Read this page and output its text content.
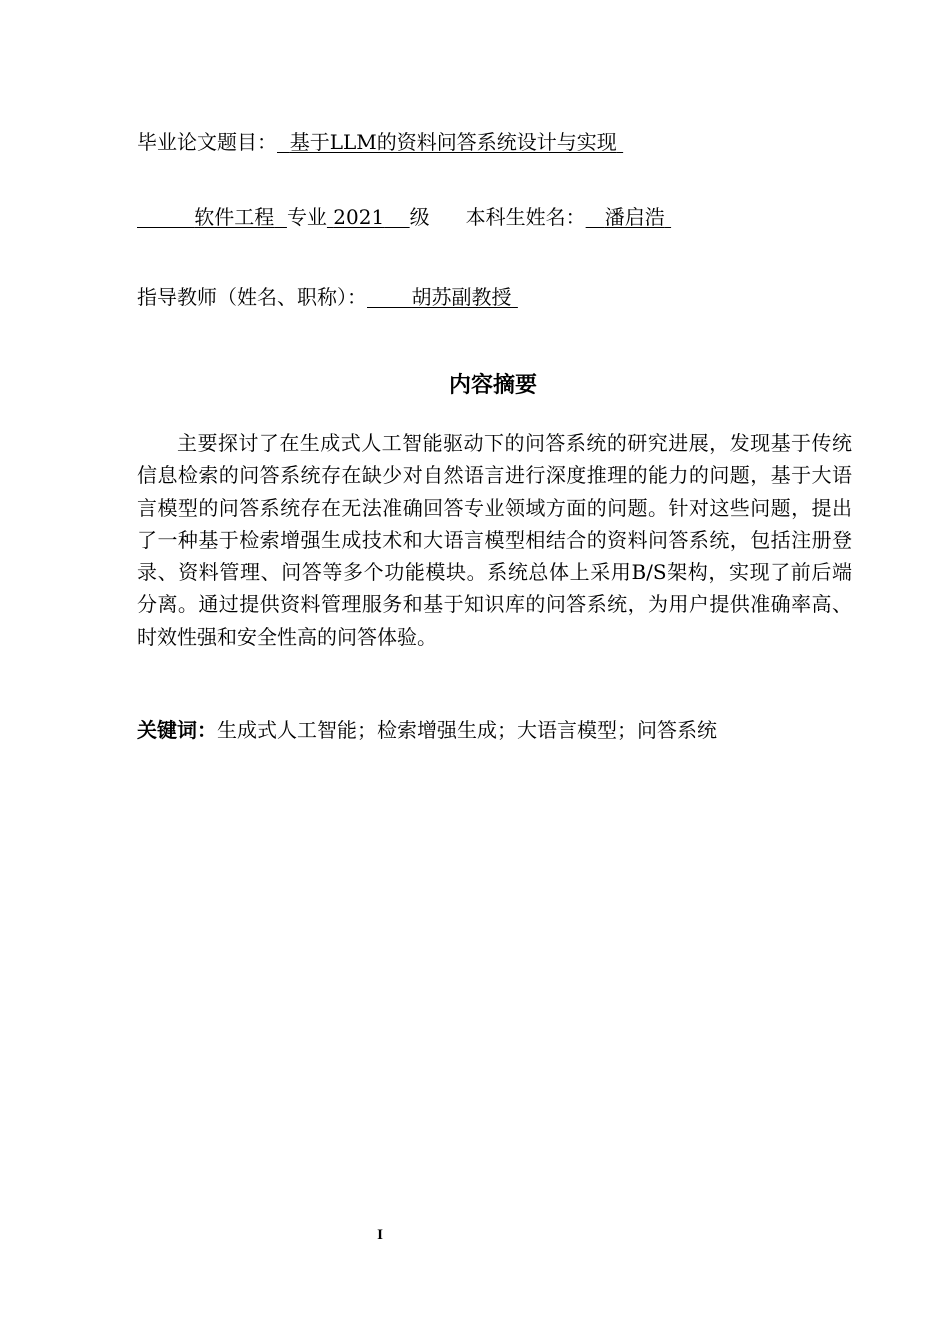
毕业论文题目： 基于LLM的资料问答系统设计与实现
软件工程 专业 2021 级 本科生姓名： 潘启浩
指导教师（姓名、职称）： 胡苏副教授
内容摘要

主要探讨了在生成式人工智能驱动下的问答系统的研究进展，发现基于传统信息检索的问答系统存在缺少对自然语言进行深度推理的能力的问题，基于大语言模型的问答系统存在无法准确回答专业领域方面的问题。针对这些问题，提出了一种基于检索增强生成技术和大语言模型相结合的资料问答系统，包括注册登录、资料管理、问答等多个功能模块。系统总体上采用B/S架构，实现了前后端分离。通过提供资料管理服务和基于知识库的问答系统，为用户提供准确率高、时效性强和安全性高的问答体验。

关键词：生成式人工智能；检索增强生成；大语言模型；问答系统
I
